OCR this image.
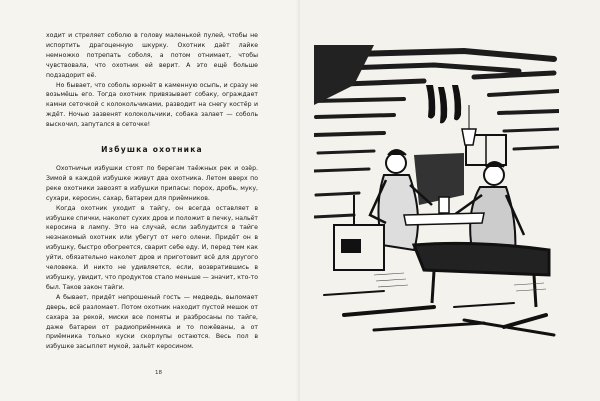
ходит и стреляет соболю в голову маленькой пулей, чтобы не испортить драгоценную шкурку. Охотник даёт лайке немножко потрепать соболя, а потом отнимает, чтобы чувствовала, что охотник ей верит. А это ещё больше подзадорит её.

Но бывает, что соболь юркнёт в каменную осыпь, и сразу не возьмёшь его. Тогда охотник привязывает собаку, ограждает камни сеточкой с колокольчиками, разводит на снегу костёр и ждёт. Ночью зазвенят колокольчики, собака залает — соболь выскочил, запутался в сеточке!

Избушка охотника

Охотничьи избушки стоят по берегам таёжных рек и озёр. Зимой в каждой избушке живут два охотника. Летом вверх по реке охотники завозят в избушки припасы: порох, дробь, муку, сухари, керосин, сахар, батареи для приёмников.

Когда охотник уходит в тайгу, он всегда оставляет в избушке спички, наколет сухих дров и положит в печку, нальёт керосина в лампу. Это на случай, если заблудится в тайге незнакомый охотник или убегут от него олени. Придёт он в избушку, быстро обогреется, сварит себе еду. И, перед тем как уйти, обязательно наколет дров и приготовит всё для другого человека. И никто не удивляется, если, возвратившись в избушку, увидит, что продуктов стало меньше — значит, кто-то был. Таков закон тайги.

А бывает, придёт непрошеный гость — медведь, выломает дверь, всё разломает. Потом охотник находит пустой мешок от сахара за рекой, миски все помяты и разбросаны по тайге, даже батареи от радиоприёмника и то пожёваны, а от приёмника только куски скорлупы остаются. Весь пол в избушке засыплет мукой, зальёт керосином.

18
